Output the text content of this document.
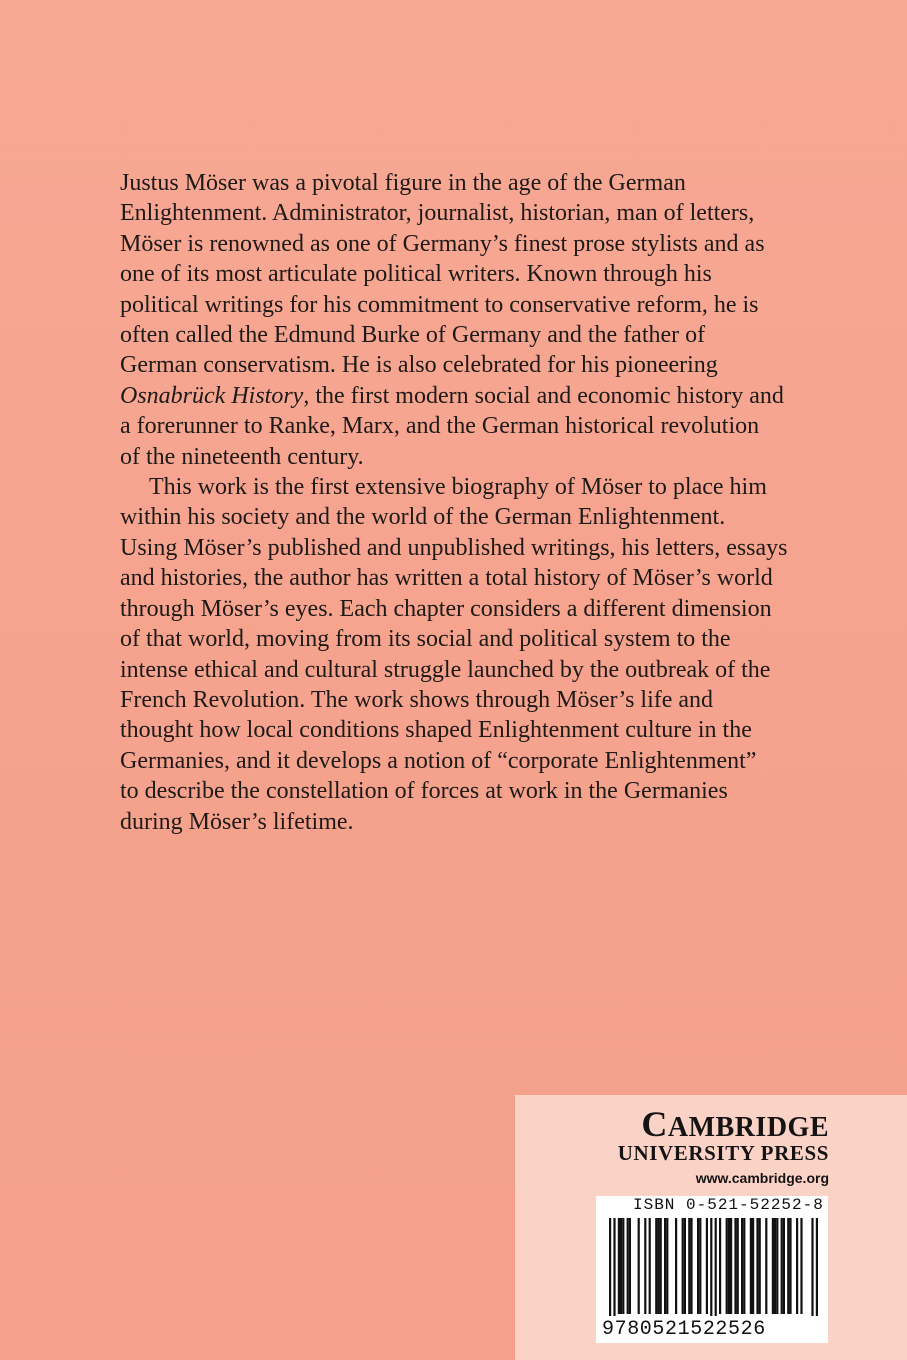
Justus Möser was a pivotal figure in the age of the German
Enlightenment. Administrator, journalist, historian, man of letters,
Möser is renowned as one of Germany’s finest prose stylists and as
one of its most articulate political writers. Known through his
political writings for his commitment to conservative reform, he is
often called the Edmund Burke of Germany and the father of
German conservatism. He is also celebrated for his pioneering
Osnabrück History, the first modern social and economic history and
a forerunner to Ranke, Marx, and the German historical revolution
of the nineteenth century.

This work is the first extensive biography of Möser to place him
within his society and the world of the German Enlightenment.
Using Möser’s published and unpublished writings, his letters, essays
and histories, the author has written a total history of Möser’s world
through Möser’s eyes. Each chapter considers a different dimension
of that world, moving from its social and political system to the
intense ethical and cultural struggle launched by the outbreak of the
French Revolution. The work shows through Möser’s life and
thought how local conditions shaped Enlightenment culture in the
Germanies, and it develops a notion of “corporate Enlightenment”
to describe the constellation of forces at work in the Germanies
during Möser’s lifetime.

CAMBRIDGE
UNIVERSITY PRESS
www.cambridge.org
ISBN 0-521-52252-8
9780521522526
